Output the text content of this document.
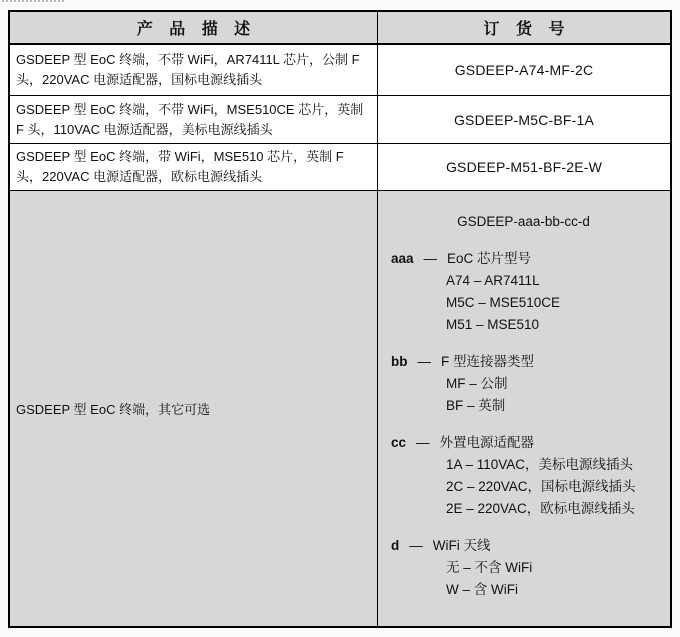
产 品 描 述	订 货 号
GSDEEP 型 EoC 终端，不带 WiFi，AR7411L 芯片，公制 F 头，220VAC 电源适配器，国标电源线插头
GSDEEP-A74-MF-2C
GSDEEP 型 EoC 终端，不带 WiFi，MSE510CE 芯片，英制 F 头，110VAC 电源适配器，美标电源线插头
GSDEEP-M5C-BF-1A
GSDEEP 型 EoC 终端，带 WiFi，MSE510 芯片，英制 F 头，220VAC 电源适配器，欧标电源线插头
GSDEEP-M51-BF-2E-W
GSDEEP 型 EoC 终端，其它可选
GSDEEP-aaa-bb-cc-d
aaa — EoC 芯片型号
A74 – AR7411L
M5C – MSE510CE
M51 – MSE510
bb — F 型连接器类型
MF – 公制
BF – 英制
cc — 外置电源适配器
1A – 110VAC，美标电源线插头
2C – 220VAC，国标电源线插头
2E – 220VAC，欧标电源线插头
d — WiFi 天线
无 – 不含 WiFi
W – 含 WiFi
